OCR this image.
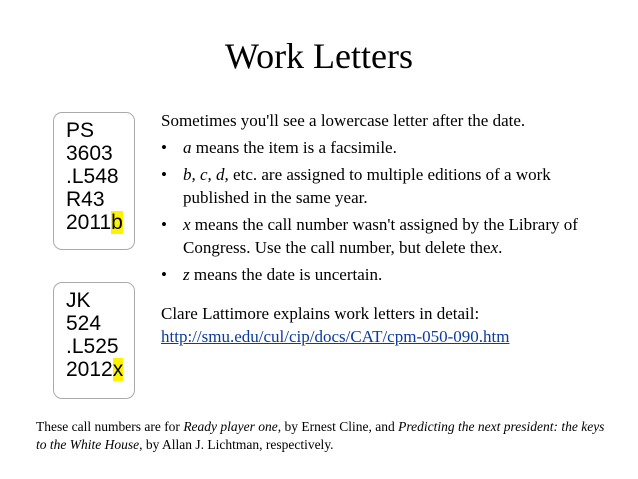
Work Letters
PS
3603
.L548
R43
2011b
JK
524
.L525
2012x
Sometimes you'll see a lowercase letter after the date.
• a means the item is a facsimile.
• b, c, d, etc. are assigned to multiple editions of a work published in the same year.
• x means the call number wasn't assigned by the Library of Congress. Use the call number, but delete thex.
• z means the date is uncertain.
Clare Lattimore explains work letters in detail:
http://smu.edu/cul/cip/docs/CAT/cpm-050-090.htm
These call numbers are for Ready player one, by Ernest Cline, and Predicting the next president: the keys to the White House, by Allan J. Lichtman, respectively.
